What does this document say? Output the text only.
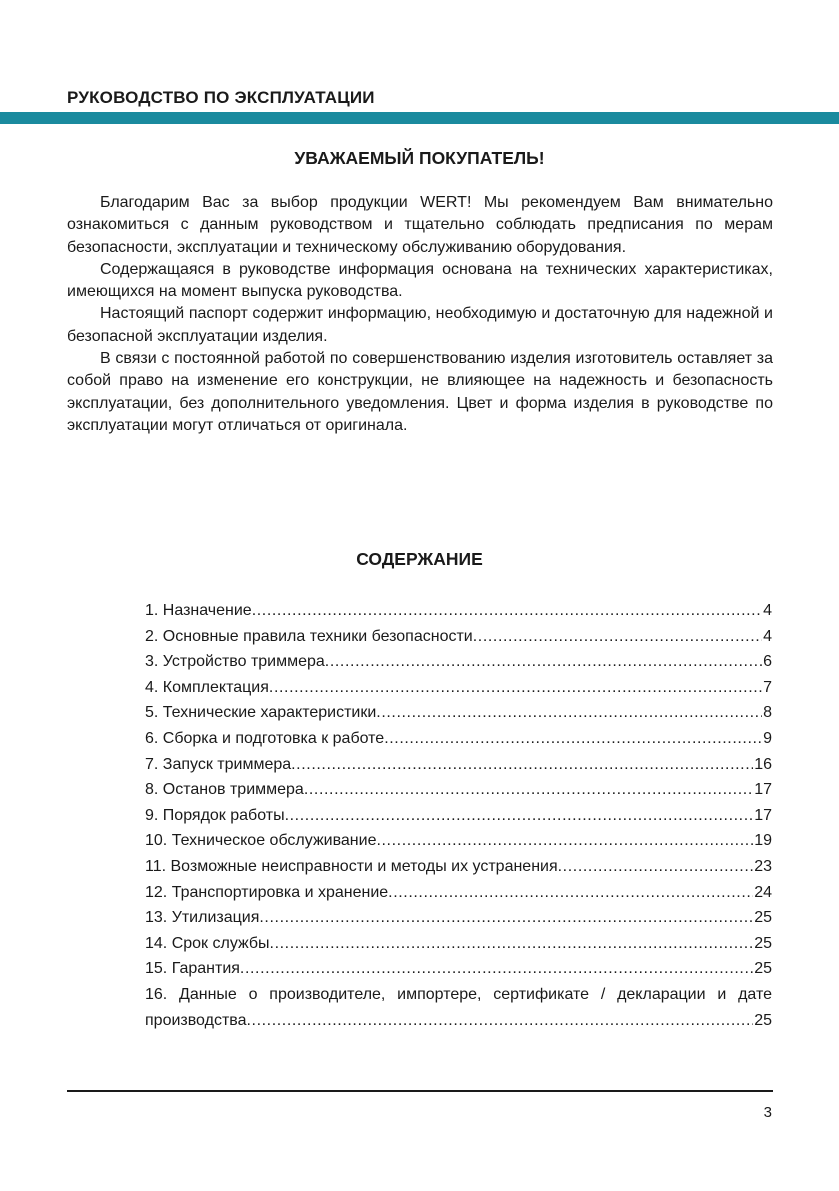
РУКОВОДСТВО ПО ЭКСПЛУАТАЦИИ
УВАЖАЕМЫЙ ПОКУПАТЕЛЬ!

Благодарим Вас за выбор продукции WERT! Мы рекомендуем Вам внимательно ознакомиться с данным руководством и тщательно соблюдать предписания по мерам безопасности, эксплуатации и техническому обслуживанию оборудования.

Содержащаяся в руководстве информация основана на технических характеристиках, имеющихся на момент выпуска руководства.

Настоящий паспорт содержит информацию, необходимую и достаточную для надежной и безопасной эксплуатации изделия.

В связи с постоянной работой по совершенствованию изделия изготовитель оставляет за собой право на изменение его конструкции, не влияющее на надежность и безопасность эксплуатации, без дополнительного уведомления. Цвет и форма изделия в руководстве по эксплуатации могут отличаться от оригинала.

СОДЕРЖАНИЕ
1. Назначение .....	4
2. Основные правила техники безопасности .....	4
3. Устройство триммера .....	6
4. Комплектация .....	7
5. Технические характеристики .....	8
6. Сборка и подготовка к работе .....	9
7. Запуск триммера .....	16
8. Останов триммера .....	17
9. Порядок работы .....	17
10. Техническое обслуживание .....	19
11. Возможные неисправности и методы их устранения .....	23
12. Транспортировка и хранение .....	24
13. Утилизация .....	25
14. Срок службы .....	25
15. Гарантия .....	25
16. Данные о производителе, импортере, сертификате / декларации и дате
производства .....	25
3
